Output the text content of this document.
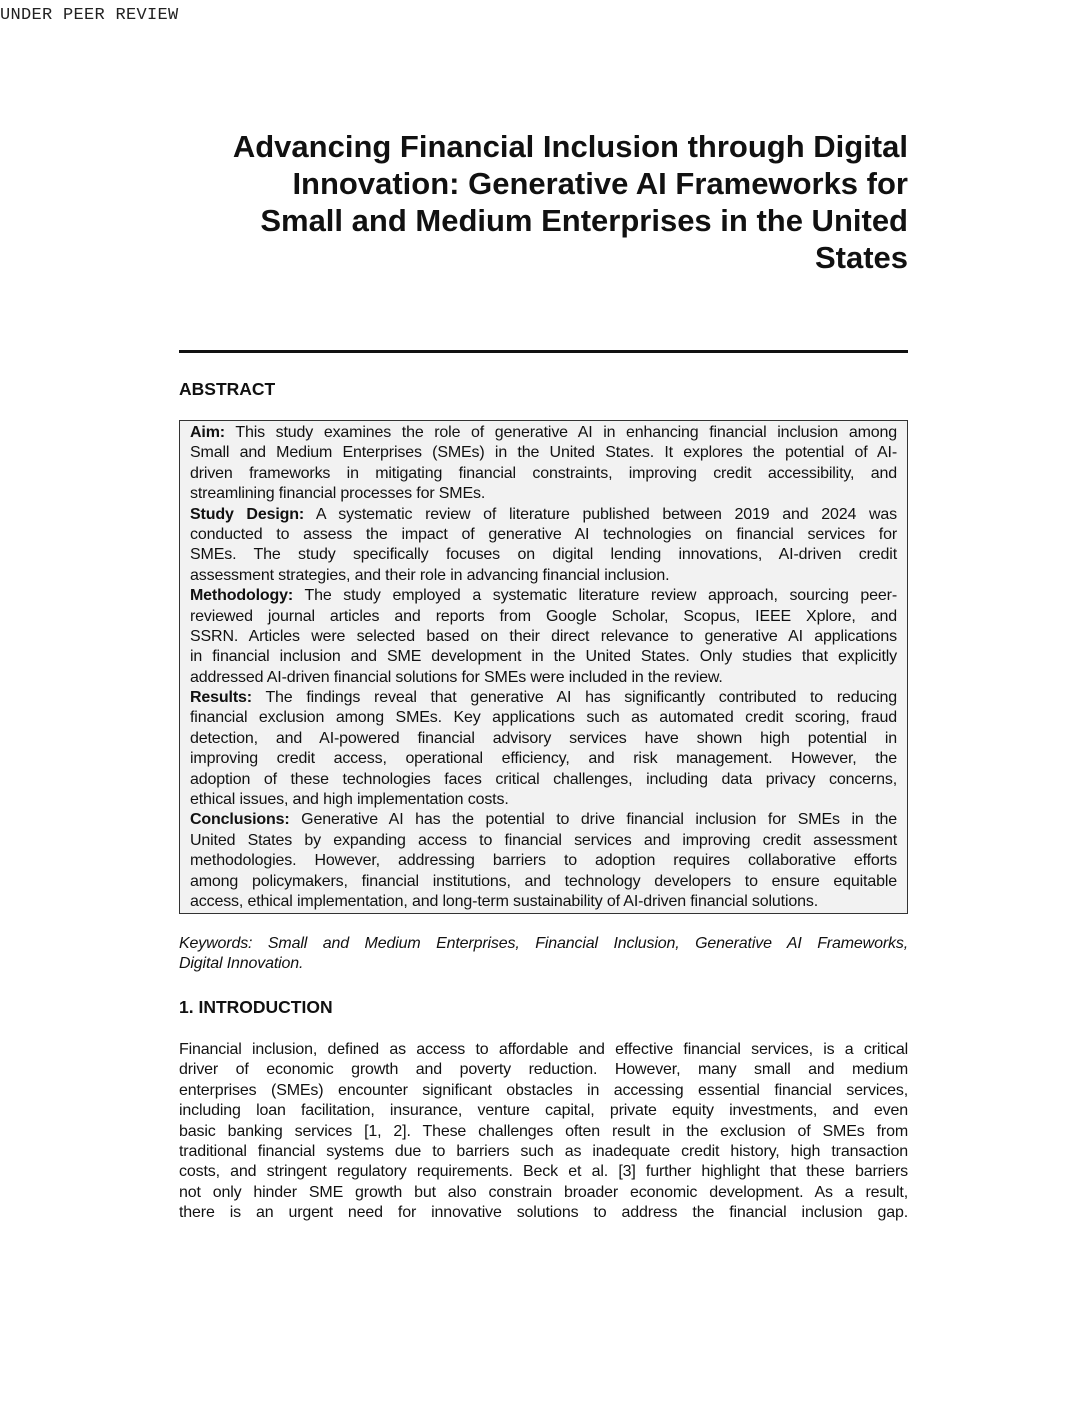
UNDER PEER REVIEW
Advancing Financial Inclusion through Digital
Innovation: Generative AI Frameworks for
Small and Medium Enterprises in the United
States
ABSTRACT
Aim: This study examines the role of generative AI in enhancing financial inclusion among
Small and Medium Enterprises (SMEs) in the United States. It explores the potential of AI-
driven frameworks in mitigating financial constraints, improving credit accessibility, and
streamlining financial processes for SMEs.
Study Design: A systematic review of literature published between 2019 and 2024 was
conducted to assess the impact of generative AI technologies on financial services for
SMEs. The study specifically focuses on digital lending innovations, AI-driven credit
assessment strategies, and their role in advancing financial inclusion.
Methodology: The study employed a systematic literature review approach, sourcing peer-
reviewed journal articles and reports from Google Scholar, Scopus, IEEE Xplore, and
SSRN. Articles were selected based on their direct relevance to generative AI applications
in financial inclusion and SME development in the United States. Only studies that explicitly
addressed AI-driven financial solutions for SMEs were included in the review.
Results: The findings reveal that generative AI has significantly contributed to reducing
financial exclusion among SMEs. Key applications such as automated credit scoring, fraud
detection, and AI-powered financial advisory services have shown high potential in
improving credit access, operational efficiency, and risk management. However, the
adoption of these technologies faces critical challenges, including data privacy concerns,
ethical issues, and high implementation costs.
Conclusions: Generative AI has the potential to drive financial inclusion for SMEs in the
United States by expanding access to financial services and improving credit assessment
methodologies. However, addressing barriers to adoption requires collaborative efforts
among policymakers, financial institutions, and technology developers to ensure equitable
access, ethical implementation, and long-term sustainability of AI-driven financial solutions.
Keywords: Small and Medium Enterprises, Financial Inclusion, Generative AI Frameworks,
Digital Innovation.
1. INTRODUCTION
Financial inclusion, defined as access to affordable and effective financial services, is a critical
driver of economic growth and poverty reduction. However, many small and medium
enterprises (SMEs) encounter significant obstacles in accessing essential financial services,
including loan facilitation, insurance, venture capital, private equity investments, and even
basic banking services [1, 2]. These challenges often result in the exclusion of SMEs from
traditional financial systems due to barriers such as inadequate credit history, high transaction
costs, and stringent regulatory requirements. Beck et al. [3] further highlight that these barriers
not only hinder SME growth but also constrain broader economic development. As a result,
there is an urgent need for innovative solutions to address the financial inclusion gap.
